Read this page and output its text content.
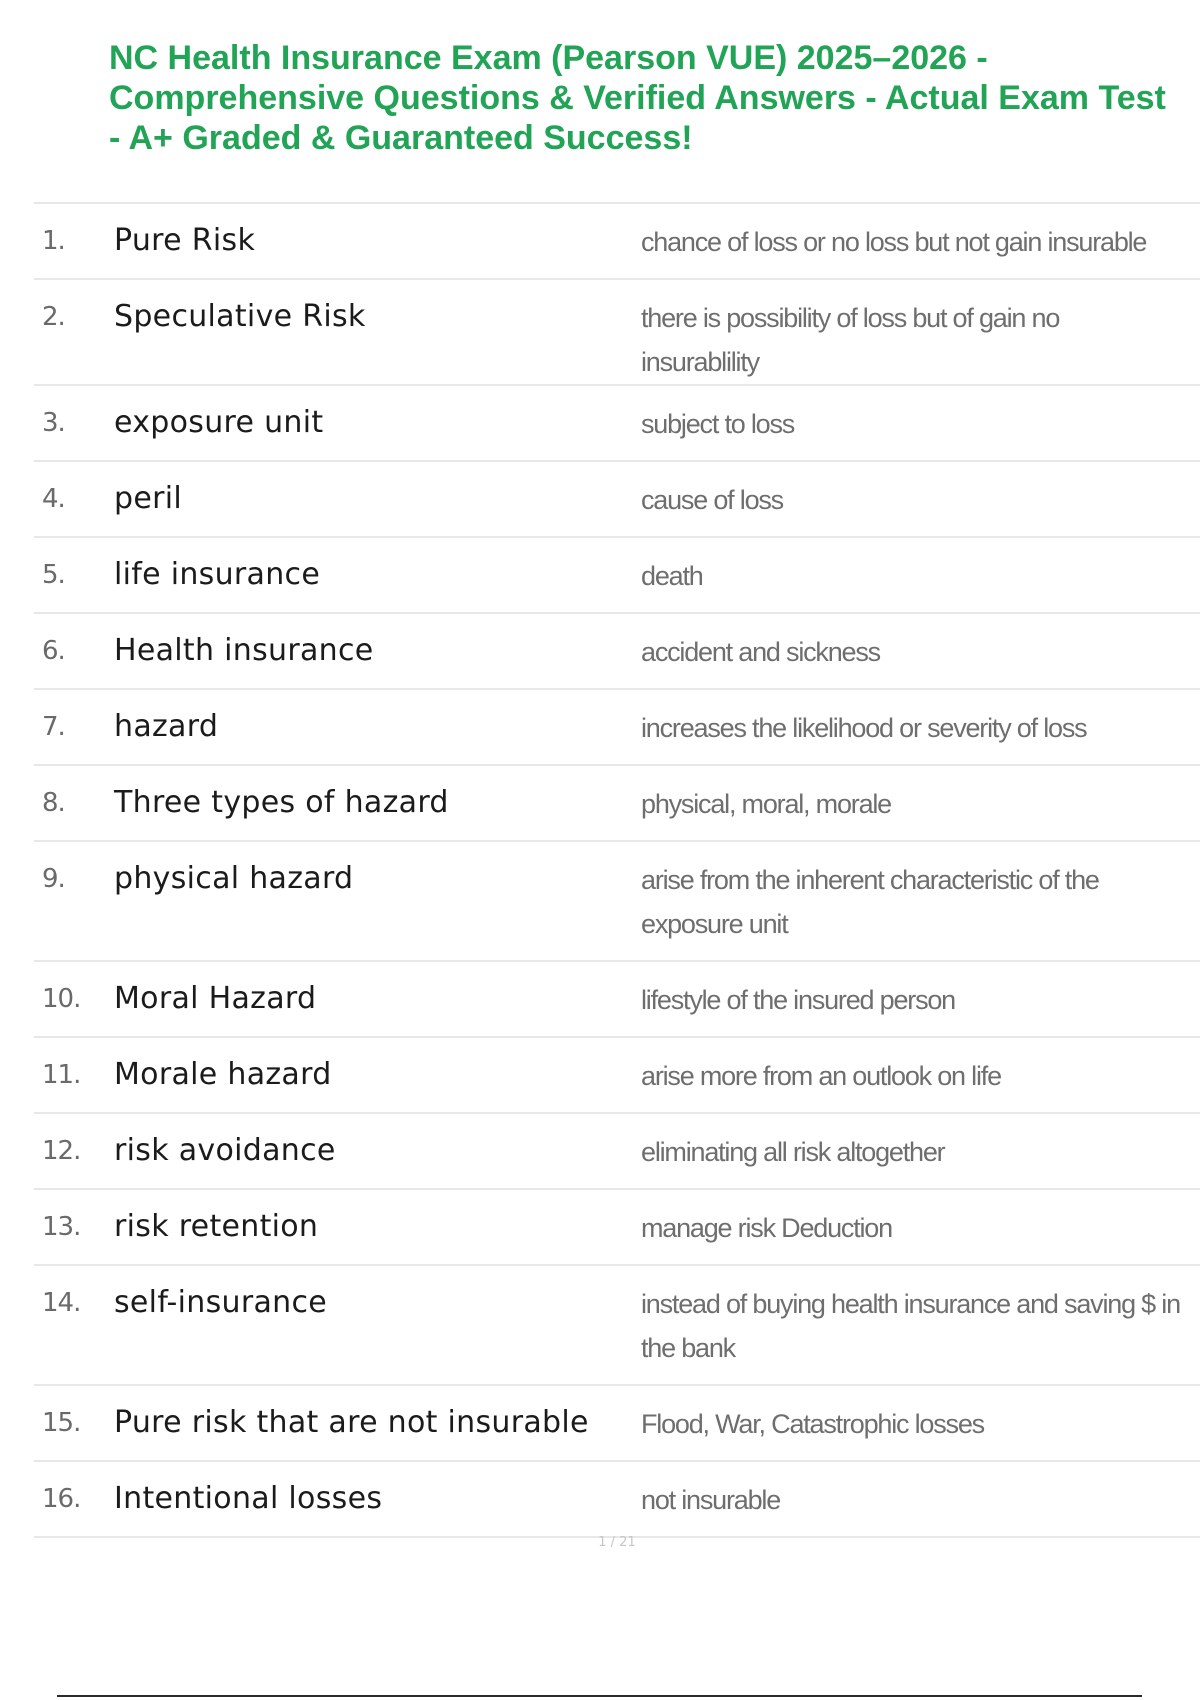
NC Health Insurance Exam (Pearson VUE) 2025–2026 - Comprehensive Questions & Verified Answers - Actual Exam Test - A+ Graded & Guaranteed Success!
1.	Pure Risk	chance of loss or no loss but not gain insurable
2.	Speculative Risk	there is possibility of loss but of gain no insurablility
3.	exposure unit	subject to loss
4.	peril	cause of loss
5.	life insurance	death
6.	Health insurance	accident and sickness
7.	hazard	increases the likelihood or severity of loss
8.	Three types of hazard	physical, moral, morale
9.	physical hazard	arise from the inherent characteristic of the exposure unit
10.	Moral Hazard	lifestyle of the insured person
11.	Morale hazard	arise more from an outlook on life
12.	risk avoidance	eliminating all risk altogether
13.	risk retention	manage risk Deduction
14.	self-insurance	instead of buying health insurance and saving $ in the bank
15.	Pure risk that are not insurable	Flood, War, Catastrophic losses
16.	Intentional losses	not insurable
1 / 21
